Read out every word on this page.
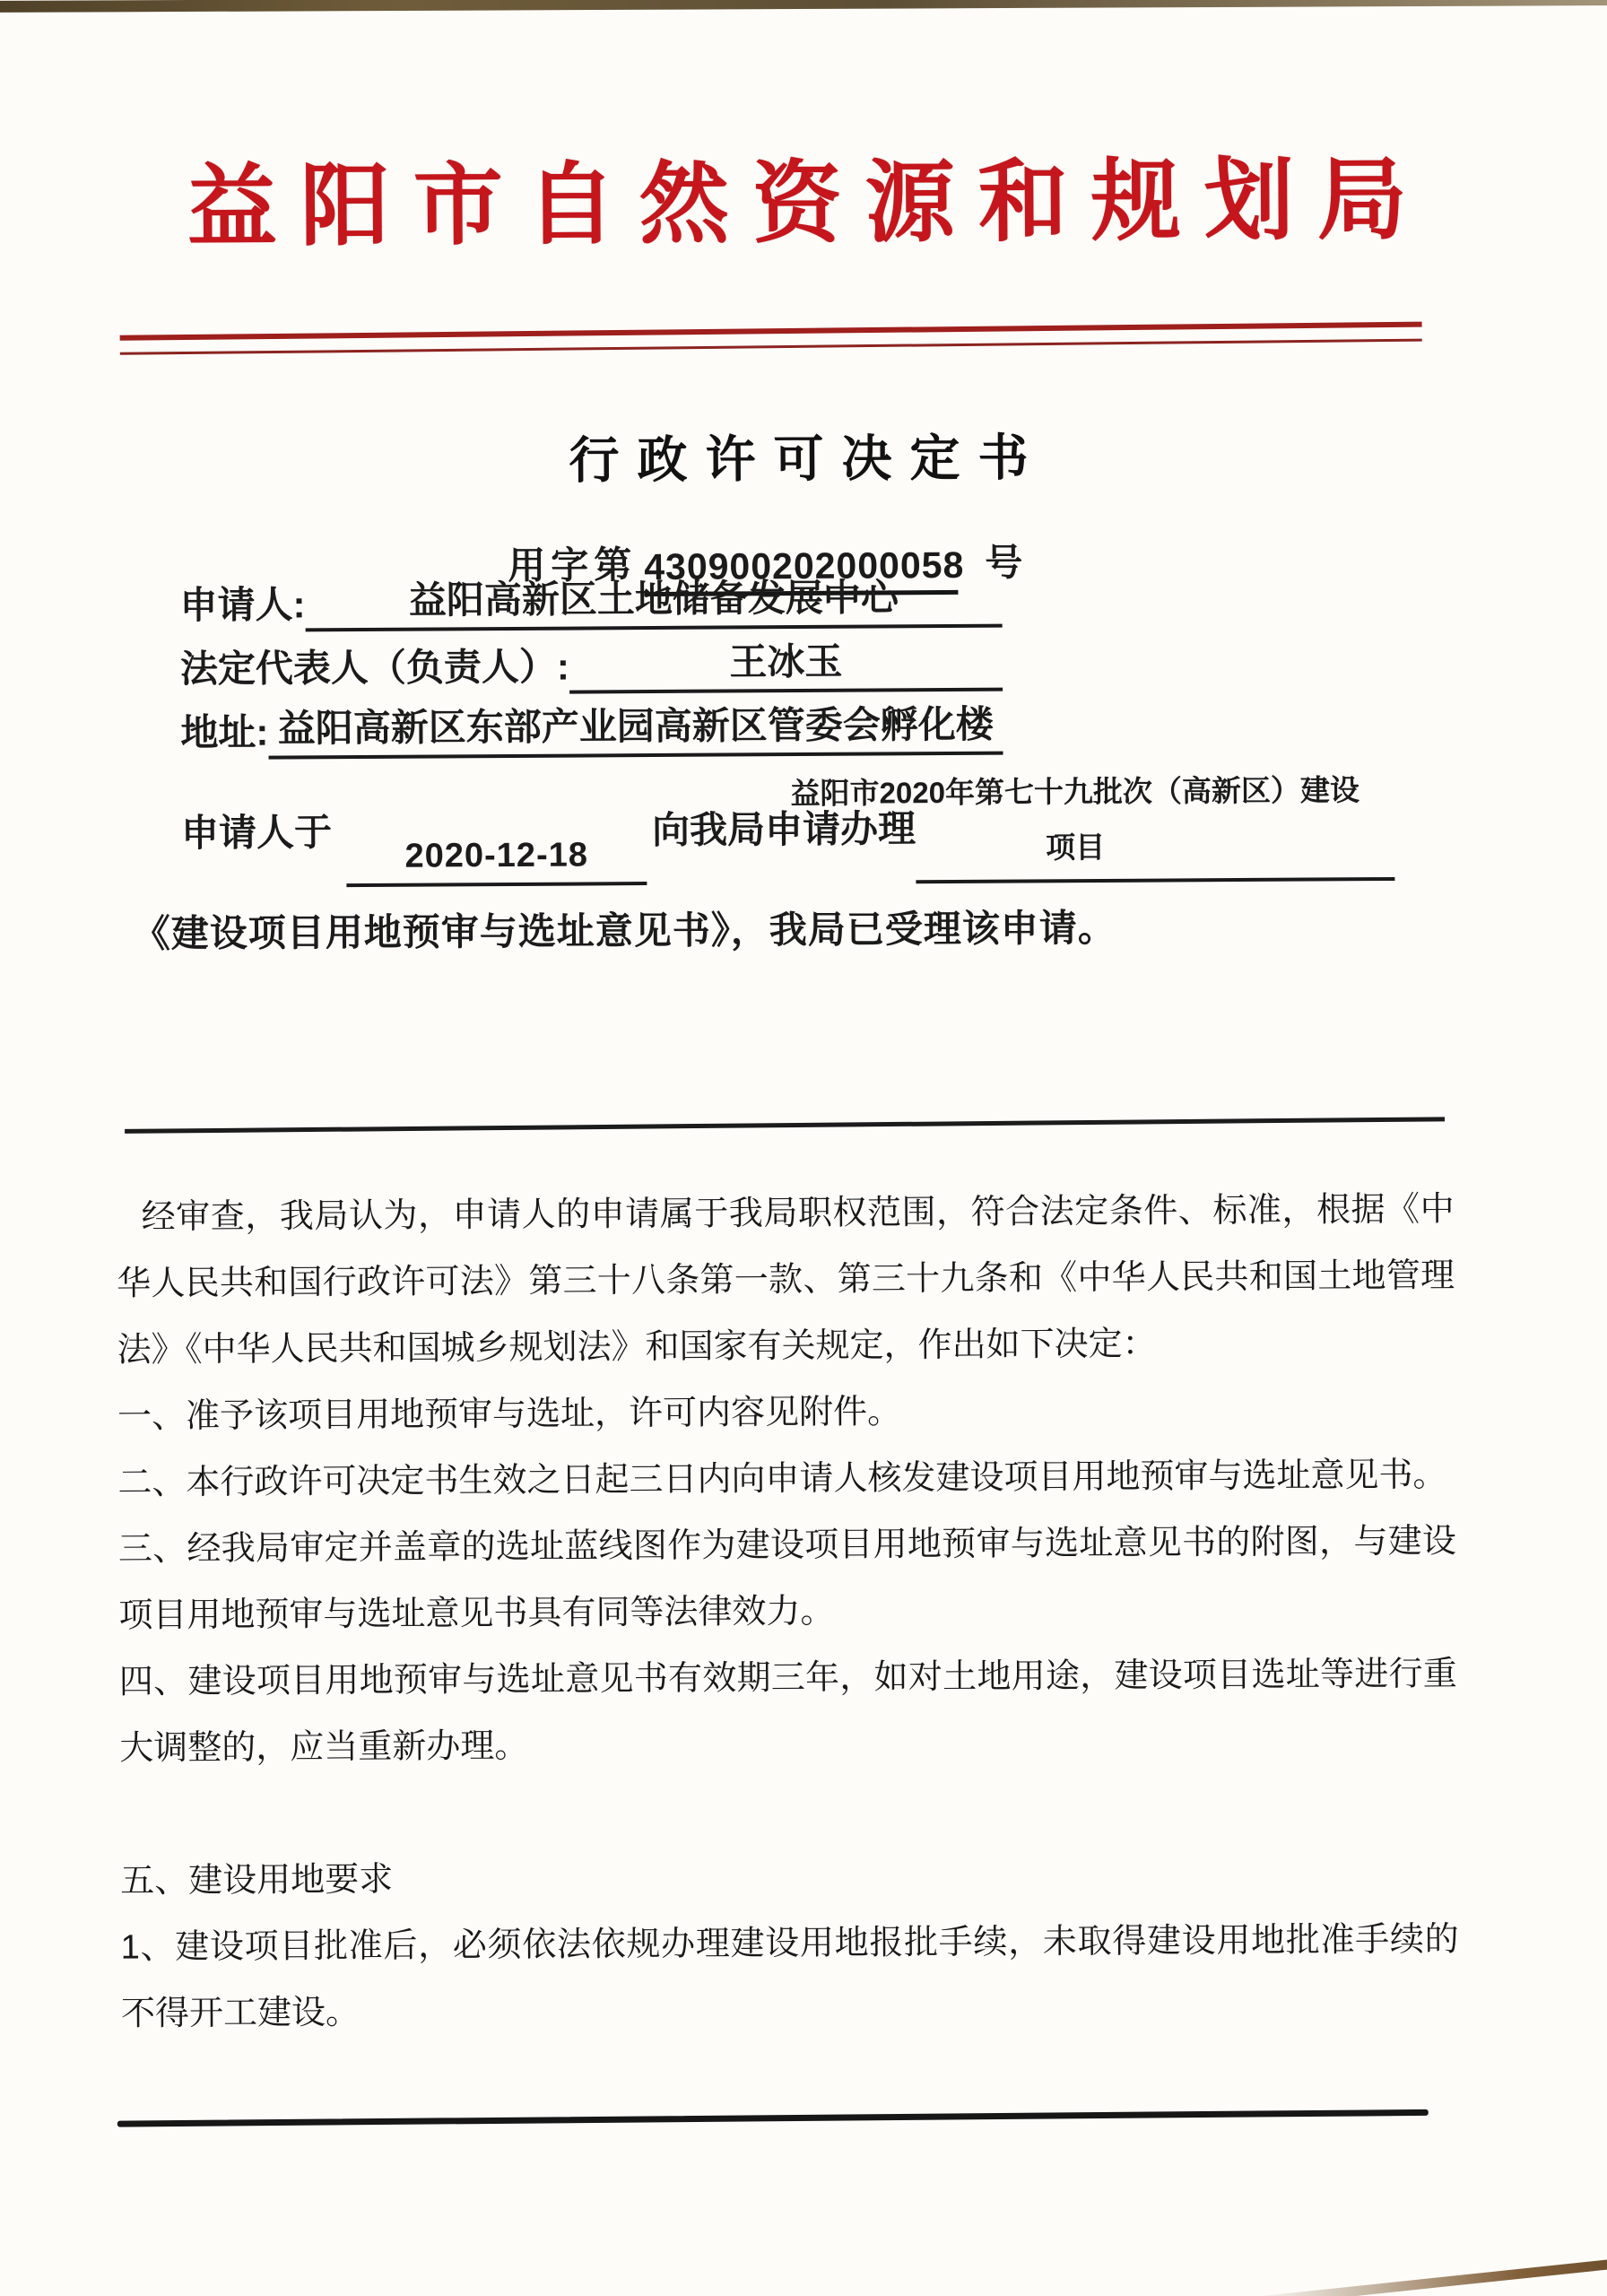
益阳市自然资源和规划局
行政许可决定书
用字第 430900202000058 号
申请人:	益阳高新区土地储备发展中心
法定代表人（负责人）:	王冰玉
地址: 益阳高新区东部产业园高新区管委会孵化楼
申请人于
2020-12-18
向我局申请办理
益阳市2020年第七十九批次（高新区）建设
项目
《建设项目用地预审与选址意见书》，我局已受理该申请。

经审查，我局认为，申请人的申请属于我局职权范围，符合法定条件、标准，根据《中华人民共和国行政许可法》第三十八条第一款、第三十九条和《中华人民共和国土地管理法》《中华人民共和国城乡规划法》和国家有关规定，作出如下决定：

一、准予该项目用地预审与选址，许可内容见附件。

二、本行政许可决定书生效之日起三日内向申请人核发建设项目用地预审与选址意见书。

三、经我局审定并盖章的选址蓝线图作为建设项目用地预审与选址意见书的附图，与建设项目用地预审与选址意见书具有同等法律效力。

四、建设项目用地预审与选址意见书有效期三年，如对土地用途，建设项目选址等进行重大调整的，应当重新办理。

五、建设用地要求

1、建设项目批准后，必须依法依规办理建设用地报批手续，未取得建设用地批准手续的不得开工建设。
